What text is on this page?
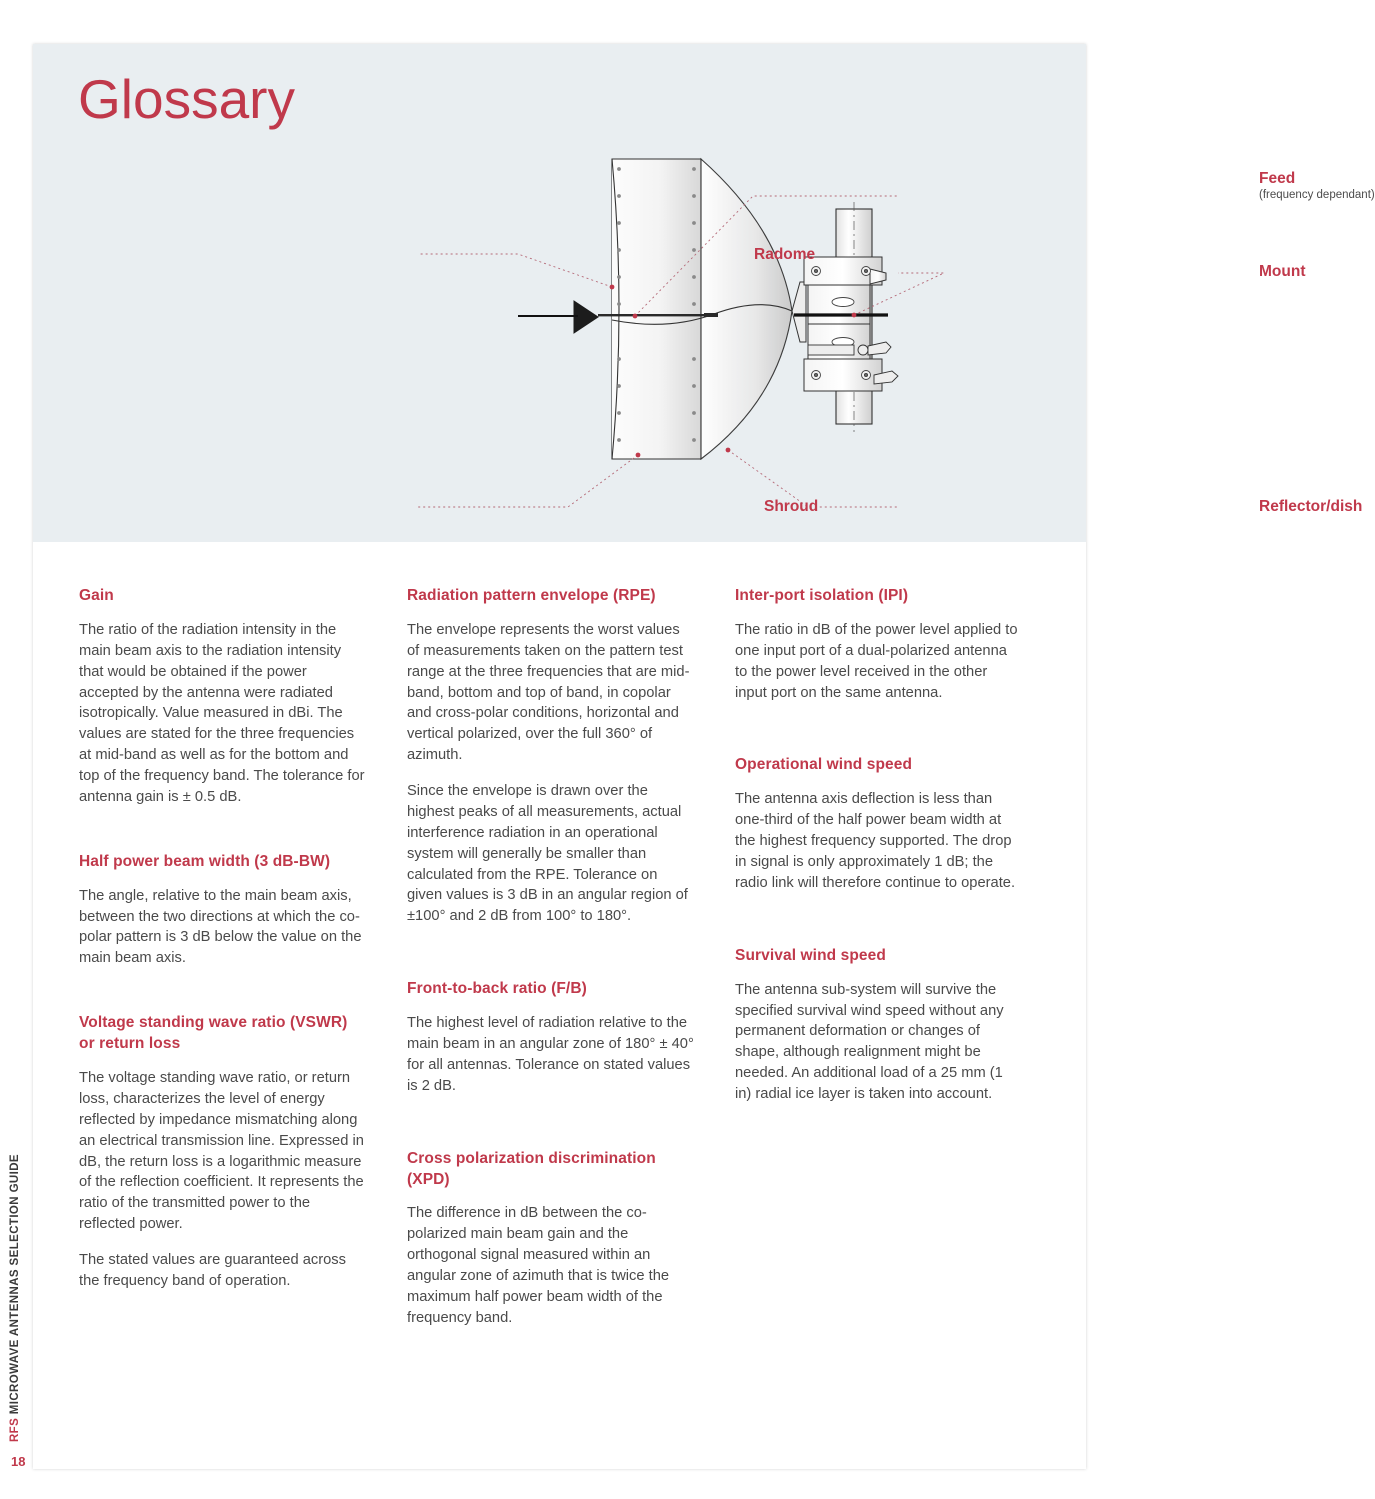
Glossary
Feed
(frequency dependant)
Radome
Mount
Shroud	Reflector/dish
Gain

The ratio of the radiation intensity in the main beam axis to the radiation intensity that would be obtained if the power accepted by the antenna were radiated isotropically. Value measured in dBi. The values are stated for the three frequencies at mid-band as well as for the bottom and top of the frequency band. The tolerance for antenna gain is ± 0.5 dB.

Half power beam width (3 dB-BW)

The angle, relative to the main beam axis, between the two directions at which the co-polar pattern is 3 dB below the value on the main beam axis.

Voltage standing wave ratio (VSWR) or return loss

The voltage standing wave ratio, or return loss, characterizes the level of energy reflected by impedance mismatching along an electrical transmission line. Expressed in dB, the return loss is a logarithmic measure of the reflection coefficient. It represents the ratio of the transmitted power to the reflected power.

The stated values are guaranteed across the frequency band of operation.

Radiation pattern envelope (RPE)

The envelope represents the worst values of measurements taken on the pattern test range at the three frequencies that are mid-band, bottom and top of band, in copolar and cross-polar conditions, horizontal and vertical polarized, over the full 360° of azimuth.

Since the envelope is drawn over the highest peaks of all measurements, actual interference radiation in an operational system will generally be smaller than calculated from the RPE. Tolerance on given values is 3 dB in an angular region of ±100° and 2 dB from 100° to 180°.

Front-to-back ratio (F/B)

The highest level of radiation relative to the main beam in an angular zone of 180° ± 40° for all antennas. Tolerance on stated values is 2 dB.

Cross polarization discrimination (XPD)

The difference in dB between the co-polarized main beam gain and the orthogonal signal measured within an angular zone of azimuth that is twice the maximum half power beam width of the frequency band.

Inter-port isolation (IPI)

The ratio in dB of the power level applied to one input port of a dual-polarized antenna to the power level received in the other input port on the same antenna.

Operational wind speed

The antenna axis deflection is less than one-third of the half power beam width at the highest frequency supported. The drop in signal is only approximately 1 dB; the radio link will therefore continue to operate.

Survival wind speed

The antenna sub-system will survive the specified survival wind speed without any permanent deformation or changes of shape, although realignment might be needed. An additional load of a 25 mm (1 in) radial ice layer is taken into account.

RFS MICROWAVE ANTENNAS SELECTION GUIDE
18
